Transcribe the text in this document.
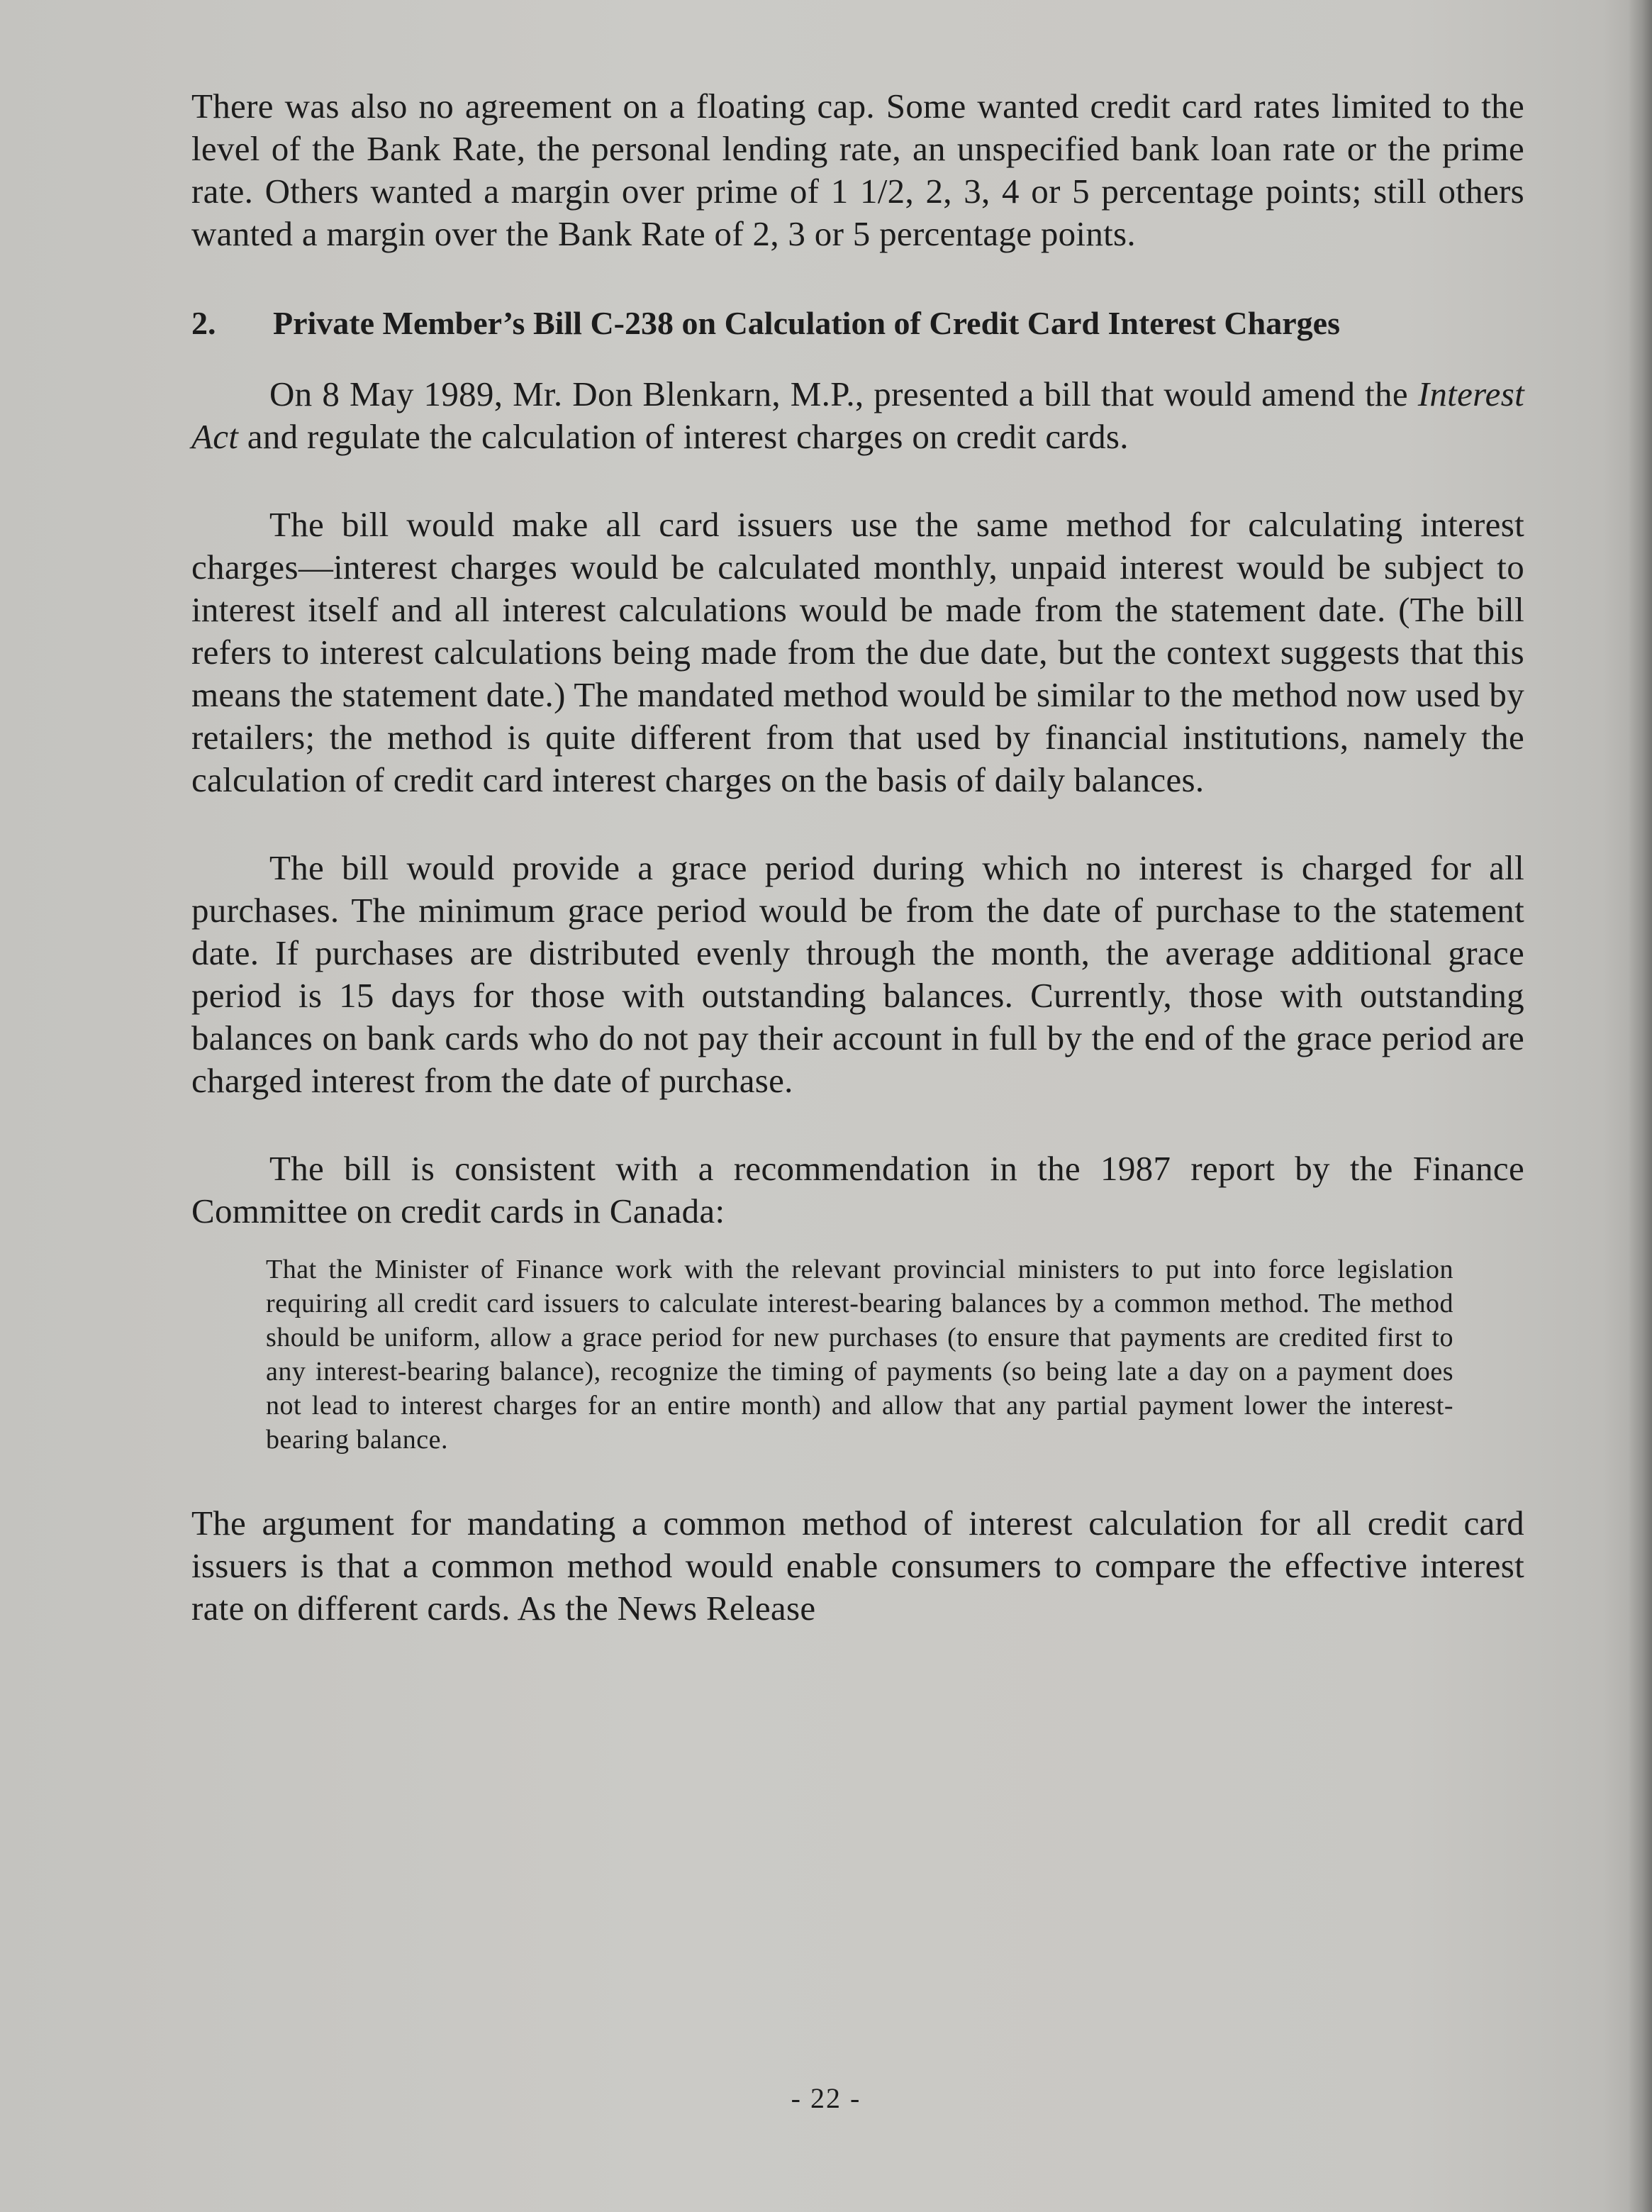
There was also no agreement on a floating cap. Some wanted credit card rates limited to the level of the Bank Rate, the personal lending rate, an unspecified bank loan rate or the prime rate. Others wanted a margin over prime of 1 1/2, 2, 3, 4 or 5 percentage points; still others wanted a margin over the Bank Rate of 2, 3 or 5 percentage points.

2.	Private Member’s Bill C-238 on Calculation of Credit Card Interest Charges

On 8 May 1989, Mr. Don Blenkarn, M.P., presented a bill that would amend the Interest Act and regulate the calculation of interest charges on credit cards.

The bill would make all card issuers use the same method for calculating interest charges—interest charges would be calculated monthly, unpaid interest would be subject to interest itself and all interest calculations would be made from the statement date. (The bill refers to interest calculations being made from the due date, but the context suggests that this means the statement date.) The mandated method would be similar to the method now used by retailers; the method is quite different from that used by financial institutions, namely the calculation of credit card interest charges on the basis of daily balances.

The bill would provide a grace period during which no interest is charged for all purchases. The minimum grace period would be from the date of purchase to the statement date. If purchases are distributed evenly through the month, the average additional grace period is 15 days for those with outstanding balances. Currently, those with outstanding balances on bank cards who do not pay their account in full by the end of the grace period are charged interest from the date of purchase.

The bill is consistent with a recommendation in the 1987 report by the Finance Committee on credit cards in Canada:

That the Minister of Finance work with the relevant provincial ministers to put into force legislation requiring all credit card issuers to calculate interest-bearing balances by a common method. The method should be uniform, allow a grace period for new purchases (to ensure that payments are credited first to any interest-bearing balance), recognize the timing of payments (so being late a day on a payment does not lead to interest charges for an entire month) and allow that any partial payment lower the interest-bearing balance.

The argument for mandating a common method of interest calculation for all credit card issuers is that a common method would enable consumers to compare the effective interest rate on different cards. As the News Release

- 22 -
